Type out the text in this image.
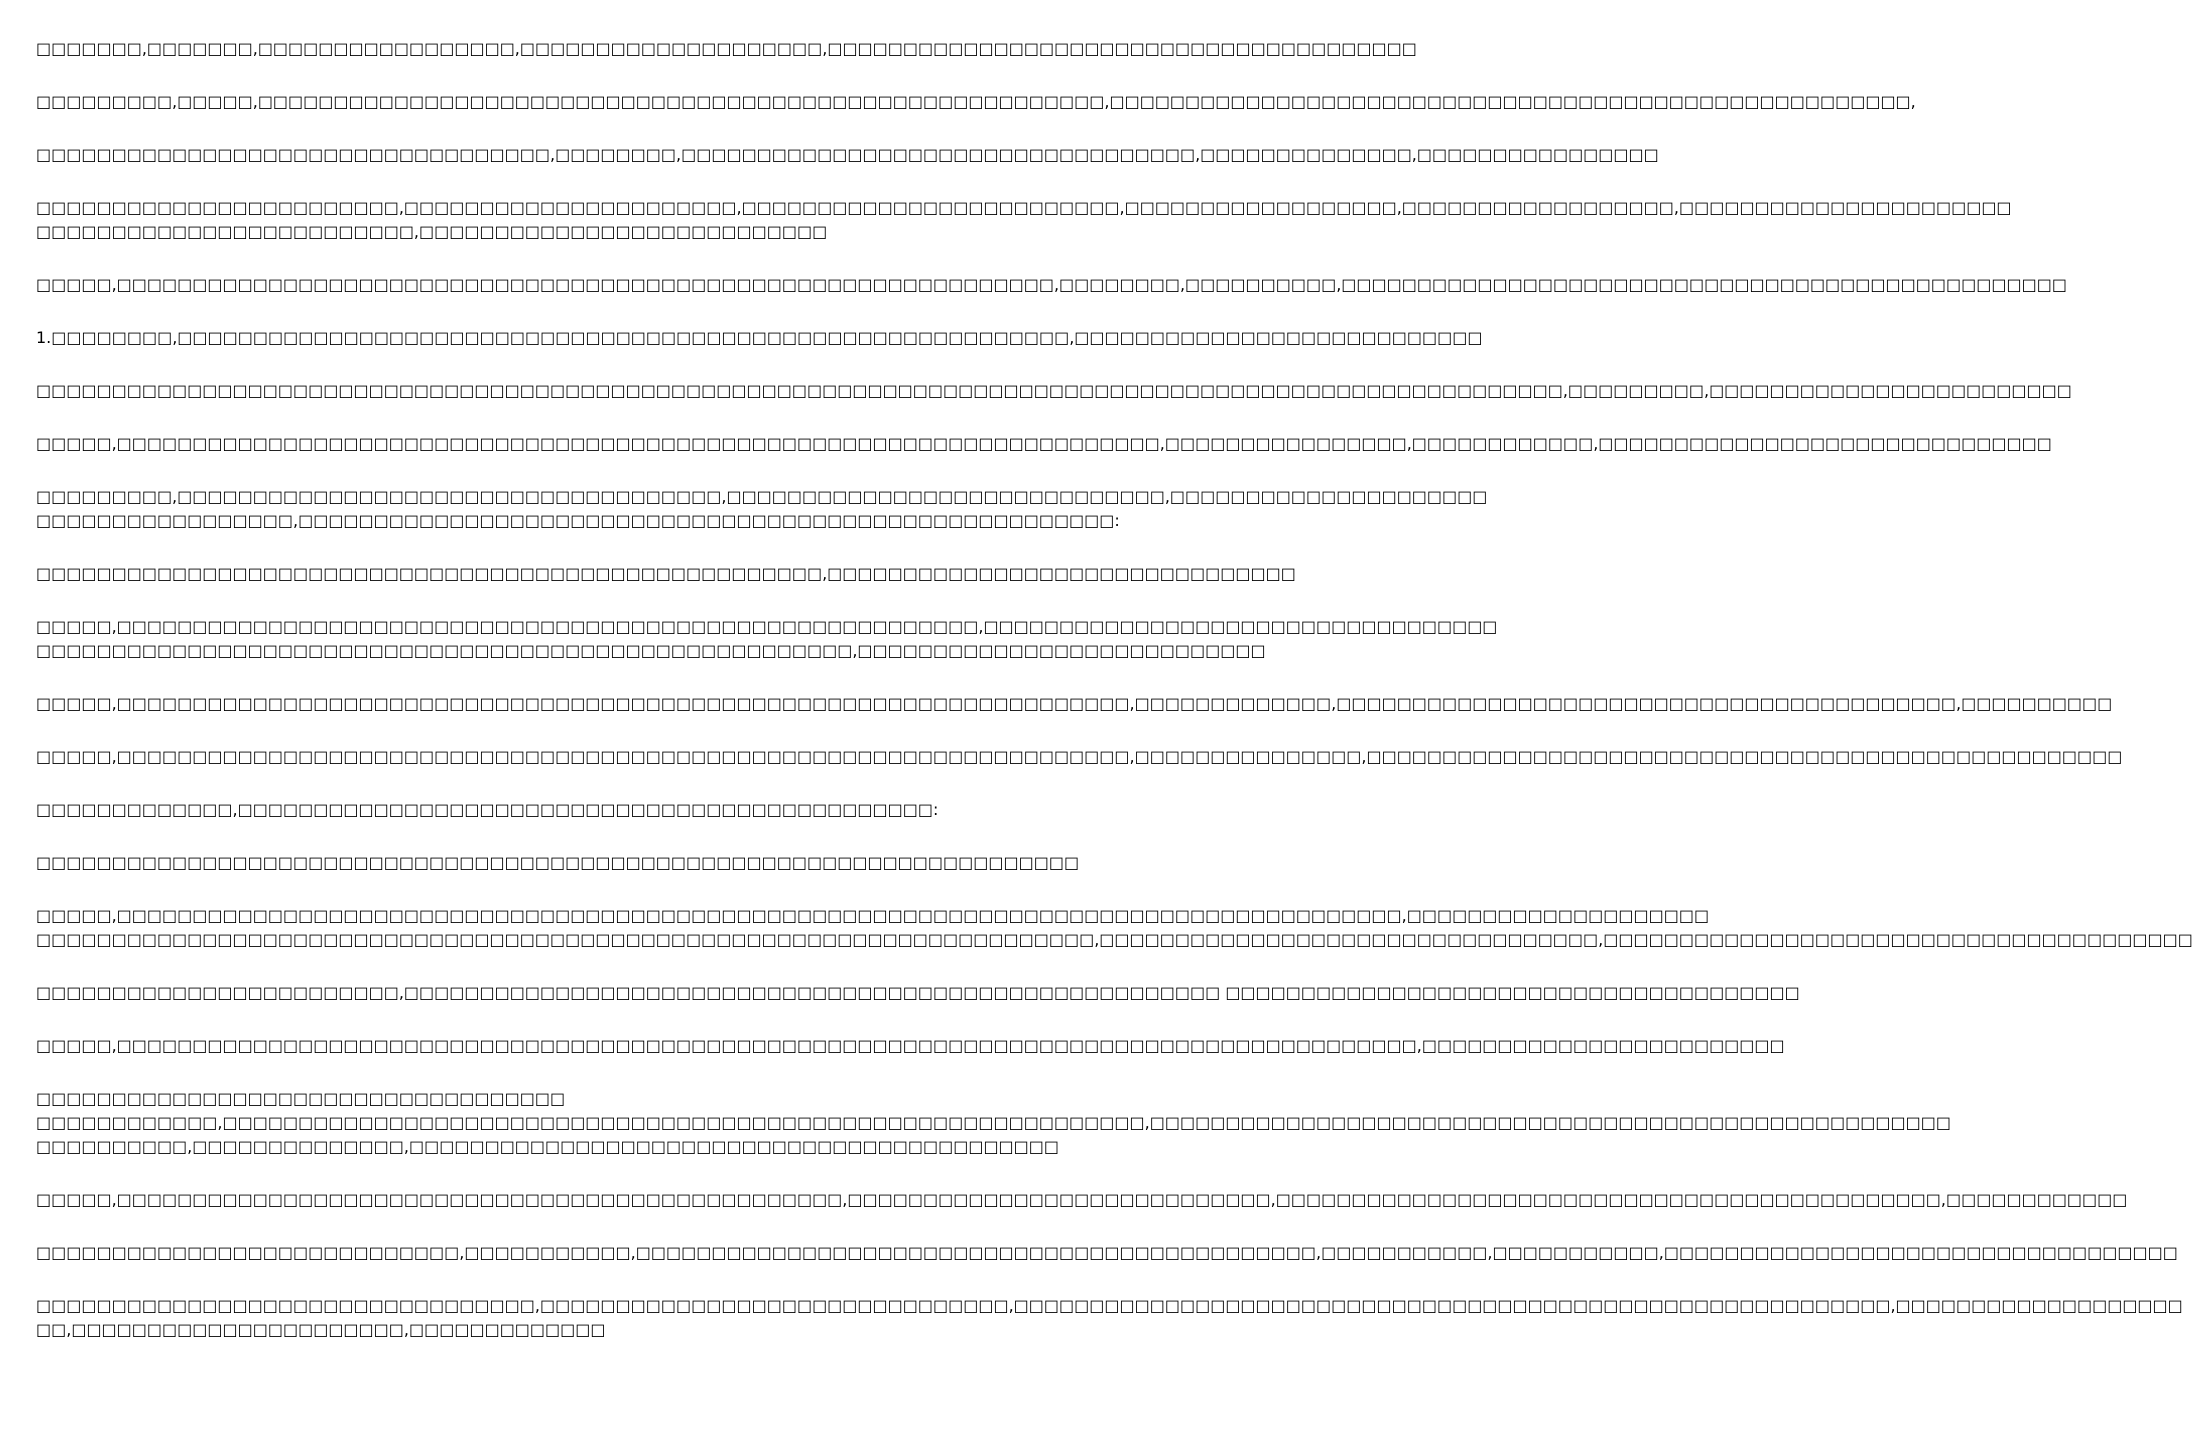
□□□□□□□,□□□□□□□,□□□□□□□□□□□□□□□□□,□□□□□□□□□□□□□□□□□□□□,□□□□□□□□□□□□□□□□□□□□□□□□□□□□□□□□□□□□□□□

□□□□□□□□□,□□□□□,□□□□□□□□□□□□□□□□□□□□□□□□□□□□□□□□□□□□□□□□□□□□□□□□□□□□□□□□,□□□□□□□□□□□□□□□□□□□□□□□□□□□□□□□□□□□□□□□□□□□□□□□□□□□□□,

□□□□□□□□□□□□□□□□□□□□□□□□□□□□□□□□□□,□□□□□□□□,□□□□□□□□□□□□□□□□□□□□□□□□□□□□□□□□□□,□□□□□□□□□□□□□□,□□□□□□□□□□□□□□□□

□□□□□□□□□□□□□□□□□□□□□□□□,□□□□□□□□□□□□□□□□□□□□□□,□□□□□□□□□□□□□□□□□□□□□□□□□,□□□□□□□□□□□□□□□□□□,□□□□□□□□□□□□□□□□□□,□□□□□□□□□□□□□□□□□□□□□□
□□□□□□□□□□□□□□□□□□□□□□□□□,□□□□□□□□□□□□□□□□□□□□□□□□□□□

□□□□□,□□□□□□□□□□□□□□□□□□□□□□□□□□□□□□□□□□□□□□□□□□□□□□□□□□□□□□□□□□□□□□,□□□□□□□□,□□□□□□□□□□,□□□□□□□□□□□□□□□□□□□□□□□□□□□□□□□□□□□□□□□□□□□□□□□□

1.□□□□□□□□,□□□□□□□□□□□□□□□□□□□□□□□□□□□□□□□□□□□□□□□□□□□□□□□□□□□□□□□□□□□,□□□□□□□□□□□□□□□□□□□□□□□□□□□

□□□□□□□□□□□□□□□□□□□□□□□□□□□□□□□□□□□□□□□□□□□□□□□□□□□□□□□□□□□□□□□□□□□□□□□□□□□□□□□□□□□□□□□□□□□□□□□□□□□□□,□□□□□□□□□,□□□□□□□□□□□□□□□□□□□□□□□□

□□□□□,□□□□□□□□□□□□□□□□□□□□□□□□□□□□□□□□□□□□□□□□□□□□□□□□□□□□□□□□□□□□□□□□□□□□□,□□□□□□□□□□□□□□□□,□□□□□□□□□□□□,□□□□□□□□□□□□□□□□□□□□□□□□□□□□□□

□□□□□□□□□,□□□□□□□□□□□□□□□□□□□□□□□□□□□□□□□□□□□□,□□□□□□□□□□□□□□□□□□□□□□□□□□□□□,□□□□□□□□□□□□□□□□□□□□□
□□□□□□□□□□□□□□□□□,□□□□□□□□□□□□□□□□□□□□□□□□□□□□□□□□□□□□□□□□□□□□□□□□□□□□□□:

□□□□□□□□□□□□□□□□□□□□□□□□□□□□□□□□□□□□□□□□□□□□□□□□□□□□,□□□□□□□□□□□□□□□□□□□□□□□□□□□□□□□

□□□□□,□□□□□□□□□□□□□□□□□□□□□□□□□□□□□□□□□□□□□□□□□□□□□□□□□□□□□□□□□,□□□□□□□□□□□□□□□□□□□□□□□□□□□□□□□□□□
□□□□□□□□□□□□□□□□□□□□□□□□□□□□□□□□□□□□□□□□□□□□□□□□□□□□□□,□□□□□□□□□□□□□□□□□□□□□□□□□□□

□□□□□,□□□□□□□□□□□□□□□□□□□□□□□□□□□□□□□□□□□□□□□□□□□□□□□□□□□□□□□□□□□□□□□□□□□,□□□□□□□□□□□□□,□□□□□□□□□□□□□□□□□□□□□□□□□□□□□□□□□□□□□□□□□,□□□□□□□□□□

□□□□□,□□□□□□□□□□□□□□□□□□□□□□□□□□□□□□□□□□□□□□□□□□□□□□□□□□□□□□□□□□□□□□□□□□□,□□□□□□□□□□□□□□□,□□□□□□□□□□□□□□□□□□□□□□□□□□□□□□□□□□□□□□□□□□□□□□□□□□

□□□□□□□□□□□□□,□□□□□□□□□□□□□□□□□□□□□□□□□□□□□□□□□□□□□□□□□□□□□□:

□□□□□□□□□□□□□□□□□□□□□□□□□□□□□□□□□□□□□□□□□□□□□□□□□□□□□□□□□□□□□□□□□□□□□

□□□□□,□□□□□□□□□□□□□□□□□□□□□□□□□□□□□□□□□□□□□□□□□□□□□□□□□□□□□□□□□□□□□□□□□□□□□□□□□□□□□□□□□□□□□,□□□□□□□□□□□□□□□□□□□□
□□□□□□□□□□□□□□□□□□□□□□□□□□□□□□□□□□□□□□□□□□□□□□□□□□□□□□□□□□□□□□□□□□□□□□,□□□□□□□□□□□□□□□□□□□□□□□□□□□□□□□□□,□□□□□□□□□□□□□□□□□□□□□□□□□□□□□□□□□□□□□□□

□□□□□□□□□□□□□□□□□□□□□□□□,□□□□□□□□□□□□□□□□□□□□□□□□□□□□□□□□□□□□□□□□□□□□□□□□□□□□□□ □□□□□□□□□□□□□□□□□□□□□□□□□□□□□□□□□□□□□□

□□□□□,□□□□□□□□□□□□□□□□□□□□□□□□□□□□□□□□□□□□□□□□□□□□□□□□□□□□□□□□□□□□□□□□□□□□□□□□□□□□□□□□□□□□□□,□□□□□□□□□□□□□□□□□□□□□□□□

□□□□□□□□□□□□□□□□□□□□□□□□□□□□□□□□□□□
□□□□□□□□□□□□,□□□□□□□□□□□□□□□□□□□□□□□□□□□□□□□□□□□□□□□□□□□□□□□□□□□□□□□□□□□□□,□□□□□□□□□□□□□□□□□□□□□□□□□□□□□□□□□□□□□□□□□□□□□□□□□□□□□
□□□□□□□□□□,□□□□□□□□□□□□□□,□□□□□□□□□□□□□□□□□□□□□□□□□□□□□□□□□□□□□□□□□□□

□□□□□,□□□□□□□□□□□□□□□□□□□□□□□□□□□□□□□□□□□□□□□□□□□□□□□□,□□□□□□□□□□□□□□□□□□□□□□□□□□□□,□□□□□□□□□□□□□□□□□□□□□□□□□□□□□□□□□□□□□□□□□□□□,□□□□□□□□□□□□

□□□□□□□□□□□□□□□□□□□□□□□□□□□□,□□□□□□□□□□□,□□□□□□□□□□□□□□□□□□□□□□□□□□□□□□□□□□□□□□□□□□□□□,□□□□□□□□□□□,□□□□□□□□□□□,□□□□□□□□□□□□□□□□□□□□□□□□□□□□□□□□□□

□□□□□□□□□□□□□□□□□□□□□□□□□□□□□□□□□,□□□□□□□□□□□□□□□□□□□□□□□□□□□□□□□,□□□□□□□□□□□□□□□□□□□□□□□□□□□□□□□□□□□□□□□□□□□□□□□□□□□□□□□□□□,□□□□□□□□□□□□□□□□□□□
□□,□□□□□□□□□□□□□□□□□□□□□□,□□□□□□□□□□□□□
